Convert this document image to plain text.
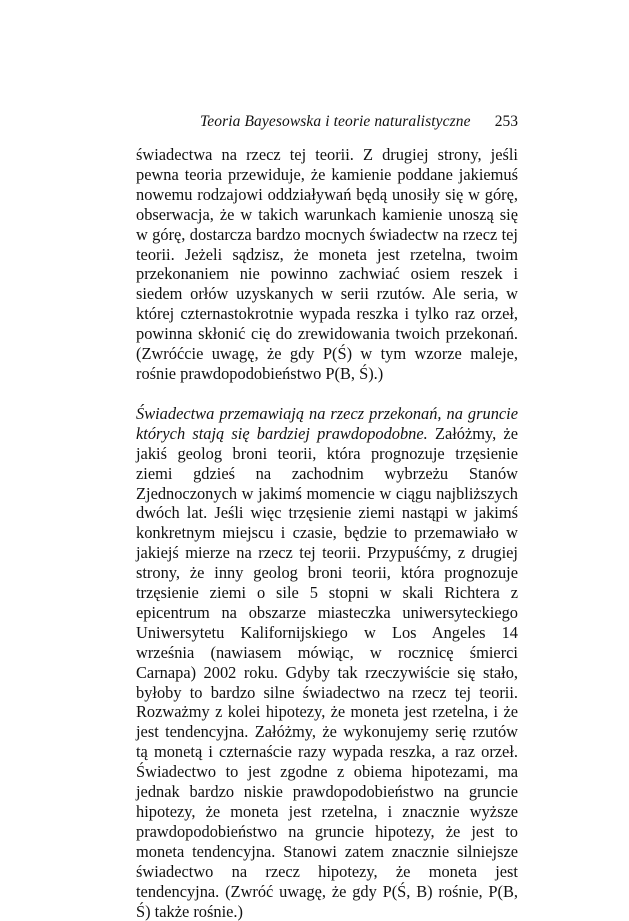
Teoria Bayesowska i teorie naturalistyczne 253

świadectwa na rzecz tej teorii. Z drugiej strony, jeśli pewna teoria przewiduje, że kamienie poddane jakiemuś nowemu rodzajowi oddziaływań będą unosiły się w górę, obserwacja, że w takich warunkach kamienie unoszą się w górę, dostarcza bardzo mocnych świadectw na rzecz tej teorii. Jeżeli sądzisz, że moneta jest rzetelna, twoim przekonaniem nie powinno zachwiać osiem reszek i siedem orłów uzyskanych w serii rzutów. Ale seria, w której czternastokrotnie wypada reszka i tylko raz orzeł, powinna skłonić cię do zrewidowania twoich przekonań. (Zwróćcie uwagę, że gdy P(Ś) w tym wzorze maleje, rośnie prawdopodobieństwo P(B, Ś).)

Świadectwa przemawiają na rzecz przekonań, na gruncie których stają się bardziej prawdopodobne. Załóżmy, że jakiś geolog broni teorii, która prognozuje trzęsienie ziemi gdzieś na zachodnim wybrzeżu Stanów Zjednoczonych w jakimś momencie w ciągu najbliższych dwóch lat. Jeśli więc trzęsienie ziemi nastąpi w jakimś konkretnym miejscu i czasie, będzie to przemawiało w jakiejś mierze na rzecz tej teorii. Przypuśćmy, z drugiej strony, że inny geolog broni teorii, która prognozuje trzęsienie ziemi o sile 5 stopni w skali Richtera z epicentrum na obszarze miasteczka uniwersyteckiego Uniwersytetu Kalifornijskiego w Los Angeles 14 września (nawiasem mówiąc, w rocznicę śmierci Carnapa) 2002 roku. Gdyby tak rzeczywiście się stało, byłoby to bardzo silne świadectwo na rzecz tej teorii. Rozważmy z kolei hipotezy, że moneta jest rzetelna, i że jest tendencyjna. Załóżmy, że wykonujemy serię rzutów tą monetą i czternaście razy wypada reszka, a raz orzeł. Świadectwo to jest zgodne z obiema hipotezami, ma jednak bardzo niskie prawdopodobieństwo na gruncie hipotezy, że moneta jest rzetelna, i znacznie wyższe prawdopodobieństwo na gruncie hipotezy, że jest to moneta tendencyjna. Stanowi zatem znacznie silniejsze świadectwo na rzecz hipotezy, że moneta jest tendencyjna. (Zwróć uwagę, że gdy P(Ś, B) rośnie, P(B, Ś) także rośnie.)
